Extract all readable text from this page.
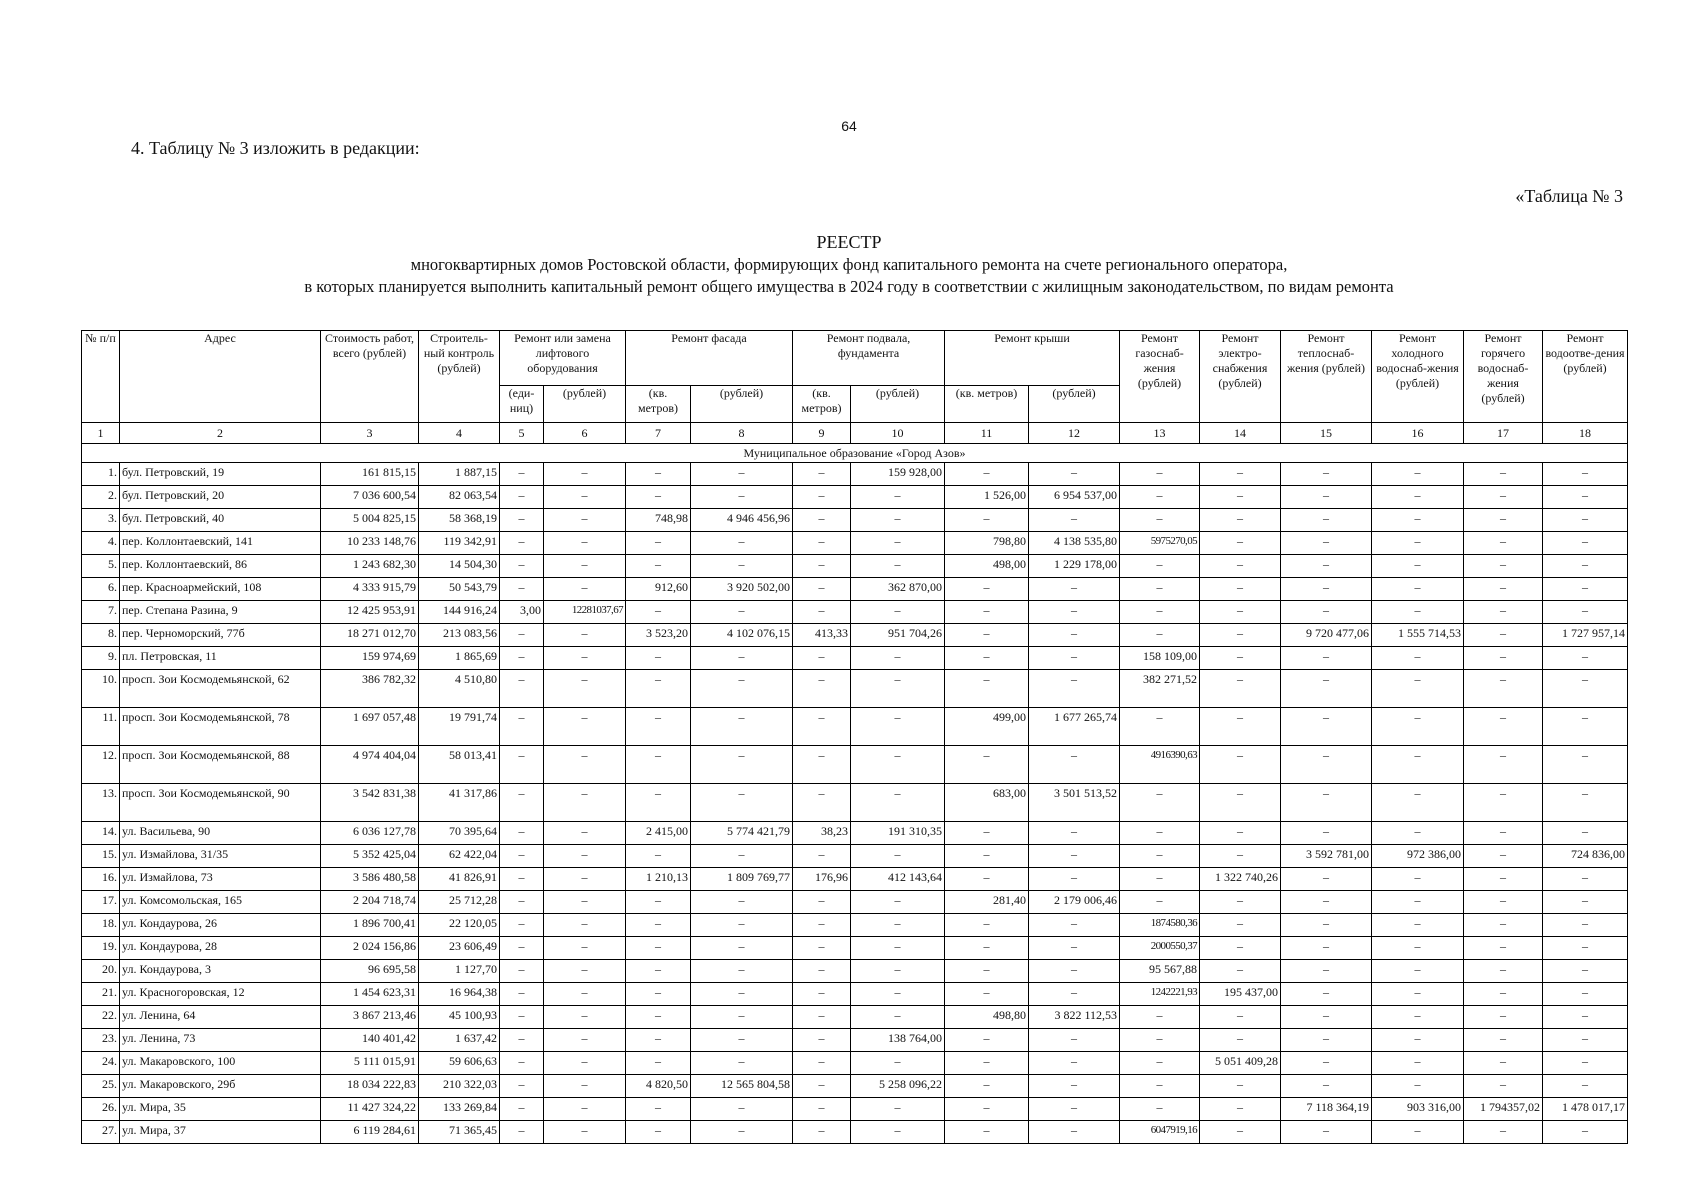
64
4. Таблицу № 3 изложить в редакции:
«Таблица № 3
РЕЕСТР
многоквартирных домов Ростовской области, формирующих фонд капитального ремонта на счете регионального оператора,
в которых планируется выполнить капитальный ремонт общего имущества в 2024 году в соответствии с жилищным законодательством, по видам ремонта
№ п/п	Адрес	Стоимость работ, всего (рублей)	Строитель-ный контроль (рублей)	Ремонт или замена лифтового оборудования		Ремонт фасада		Ремонт подвала, фундамента		Ремонт крыши		Ремонт газоснаб-жения (рублей)	Ремонт электро-снабжения (рублей)	Ремонт теплоснаб-жения (рублей)	Ремонт холодного водоснаб-жения (рублей)	Ремонт горячего водоснаб-жения (рублей)	Ремонт водоотве-дения (рублей)
				(еди-ниц)	(рублей)	(кв. метров)	(рублей)	(кв. метров)	(рублей)	(кв. метров)	(рублей)						
1	2	3	4	5	6	7	8	9	10	11	12	13	14	15	16	17	18
Муниципальное образование «Город Азов»																	
1.	бул. Петровский, 19	161 815,15	1 887,15	–	–	–	–	–	159 928,00	–	–	–	–	–	–	–	–
2.	бул. Петровский, 20	7 036 600,54	82 063,54	–	–	–	–	–	–	1 526,00	6 954 537,00	–	–	–	–	–	–
3.	бул. Петровский, 40	5 004 825,15	58 368,19	–	–	748,98	4 946 456,96	–	–	–	–	–	–	–	–	–	–
4.	пер. Коллонтаевский, 141	10 233 148,76	119 342,91	–	–	–	–	–	–	798,80	4 138 535,80	5975270,05	–	–	–	–	–
5.	пер. Коллонтаевский, 86	1 243 682,30	14 504,30	–	–	–	–	–	–	498,00	1 229 178,00	–	–	–	–	–	–
6.	пер. Красноармейский, 108	4 333 915,79	50 543,79	–	–	912,60	3 920 502,00	–	362 870,00	–	–	–	–	–	–	–	–
7.	пер. Степана Разина, 9	12 425 953,91	144 916,24	3,00	12281037,67	–	–	–	–	–	–	–	–	–	–	–	–
8.	пер. Черноморский, 77б	18 271 012,70	213 083,56	–	–	3 523,20	4 102 076,15	413,33	951 704,26	–	–	–	–	9 720 477,06	1 555 714,53	–	1 727 957,14
9.	пл. Петровская, 11	159 974,69	1 865,69	–	–	–	–	–	–	–	–	158 109,00	–	–	–	–	–
10.	просп. Зои Космодемьянской, 62	386 782,32	4 510,80	–	–	–	–	–	–	–	–	382 271,52	–	–	–	–	–
11.	просп. Зои Космодемьянской, 78	1 697 057,48	19 791,74	–	–	–	–	–	–	499,00	1 677 265,74	–	–	–	–	–	–
12.	просп. Зои Космодемьянской, 88	4 974 404,04	58 013,41	–	–	–	–	–	–	–	–	4916390,63	–	–	–	–	–
13.	просп. Зои Космодемьянской, 90	3 542 831,38	41 317,86	–	–	–	–	–	–	683,00	3 501 513,52	–	–	–	–	–	–
14.	ул. Васильева, 90	6 036 127,78	70 395,64	–	–	2 415,00	5 774 421,79	38,23	191 310,35	–	–	–	–	–	–	–	–
15.	ул. Измайлова, 31/35	5 352 425,04	62 422,04	–	–	–	–	–	–	–	–	–	–	3 592 781,00	972 386,00	–	724 836,00
16.	ул. Измайлова, 73	3 586 480,58	41 826,91	–	–	1 210,13	1 809 769,77	176,96	412 143,64	–	–	–	1 322 740,26	–	–	–	–
17.	ул. Комсомольская, 165	2 204 718,74	25 712,28	–	–	–	–	–	–	281,40	2 179 006,46	–	–	–	–	–	–
18.	ул. Кондаурова, 26	1 896 700,41	22 120,05	–	–	–	–	–	–	–	–	1874580,36	–	–	–	–	–
19.	ул. Кондаурова, 28	2 024 156,86	23 606,49	–	–	–	–	–	–	–	–	2000550,37	–	–	–	–	–
20.	ул. Кондаурова, 3	96 695,58	1 127,70	–	–	–	–	–	–	–	–	95 567,88	–	–	–	–	–
21.	ул. Красногоровская, 12	1 454 623,31	16 964,38	–	–	–	–	–	–	–	–	1242221,93	195 437,00	–	–	–	–
22.	ул. Ленина, 64	3 867 213,46	45 100,93	–	–	–	–	–	–	498,80	3 822 112,53	–	–	–	–	–	–
23.	ул. Ленина, 73	140 401,42	1 637,42	–	–	–	–	–	138 764,00	–	–	–	–	–	–	–	–
24.	ул. Макаровского, 100	5 111 015,91	59 606,63	–	–	–	–	–	–	–	–	–	5 051 409,28	–	–	–	–
25.	ул. Макаровского, 29б	18 034 222,83	210 322,03	–	–	4 820,50	12 565 804,58	–	5 258 096,22	–	–	–	–	–	–	–	–
26.	ул. Мира, 35	11 427 324,22	133 269,84	–	–	–	–	–	–	–	–	–	–	7 118 364,19	903 316,00	1 794357,02	1 478 017,17
27.	ул. Мира, 37	6 119 284,61	71 365,45	–	–	–	–	–	–	–	–	6047919,16	–	–	–	–	–
